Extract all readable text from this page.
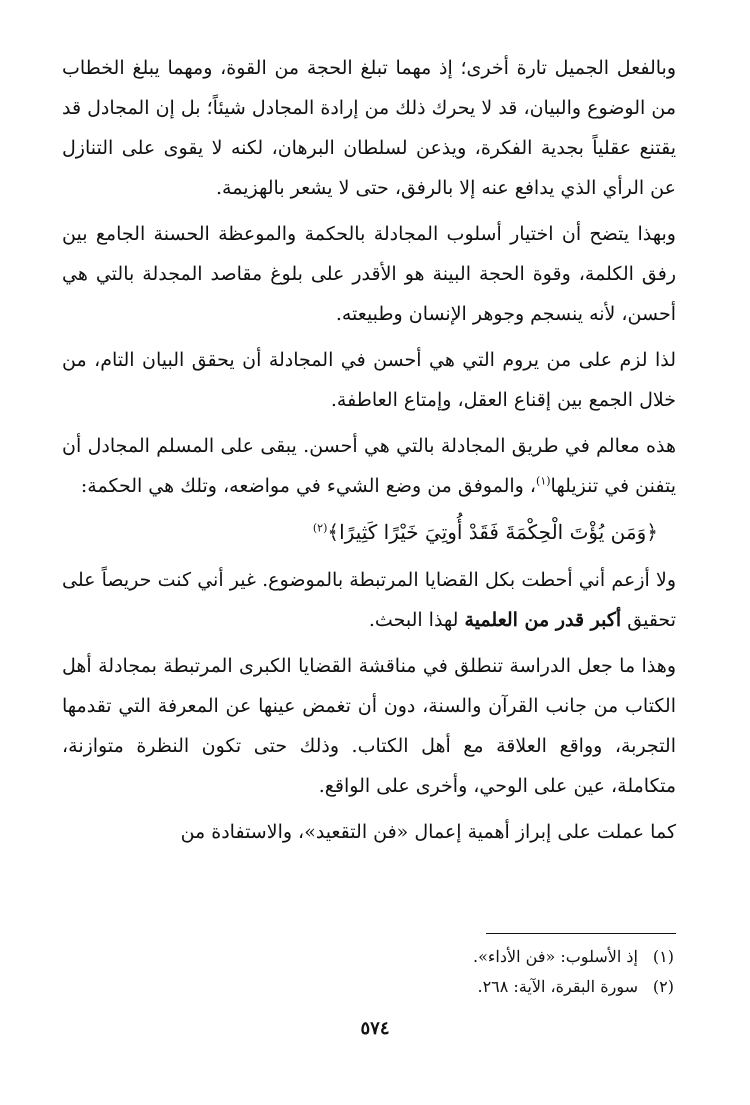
وبالفعل الجميل تارة أخرى؛ إذ مهما تبلغ الحجة من القوة، ومهما يبلغ الخطاب من الوضوع والبيان، قد لا يحرك ذلك من إرادة المجادل شيئاً؛ بل إن المجادل قد يقتنع عقلياً بجدية الفكرة، ويذعن لسلطان البرهان، لكنه لا يقوى على التنازل عن الرأي الذي يدافع عنه إلا بالرفق، حتى لا يشعر بالهزيمة.

وبهذا يتضح أن اختيار أسلوب المجادلة بالحكمة والموعظة الحسنة الجامع بين رفق الكلمة، وقوة الحجة البينة هو الأقدر على بلوغ مقاصد المجدلة بالتي هي أحسن، لأنه ينسجم وجوهر الإنسان وطبيعته.

لذا لزم على من يروم التي هي أحسن في المجادلة أن يحقق البيان التام، من خلال الجمع بين إقناع العقل، وإمتاع العاطفة.

هذه معالم في طريق المجادلة بالتي هي أحسن. يبقى على المسلم المجادل أن يتفنن في تنزيلها$^{(١)}$، والموفق من وضع الشيء في مواضعه، وتلك هي الحكمة:

﴿وَمَن يُؤْتَ الْحِكْمَةَ فَقَدْ أُوتِيَ خَيْرًا كَثِيرًا﴾$^{(٢)}$

ولا أزعم أني أحطت بكل القضايا المرتبطة بالموضوع. غير أني كنت حريصاً على تحقيق أكبر قدر من العلمية لهذا البحث.

وهذا ما جعل الدراسة تنطلق في مناقشة القضايا الكبرى المرتبطة بمجادلة أهل الكتاب من جانب القرآن والسنة، دون أن تغمض عينها عن المعرفة التي تقدمها التجربة، وواقع العلاقة مع أهل الكتاب. وذلك حتى تكون النظرة متوازنة، متكاملة، عين على الوحي، وأخرى على الواقع.

كما عملت على إبراز أهمية إعمال «فن التقعيد»، والاستفادة من

(١)إذ الأسلوب: «فن الأداء».
(٢)سورة البقرة، الآية: ٢٦٨.
٥٧٤
